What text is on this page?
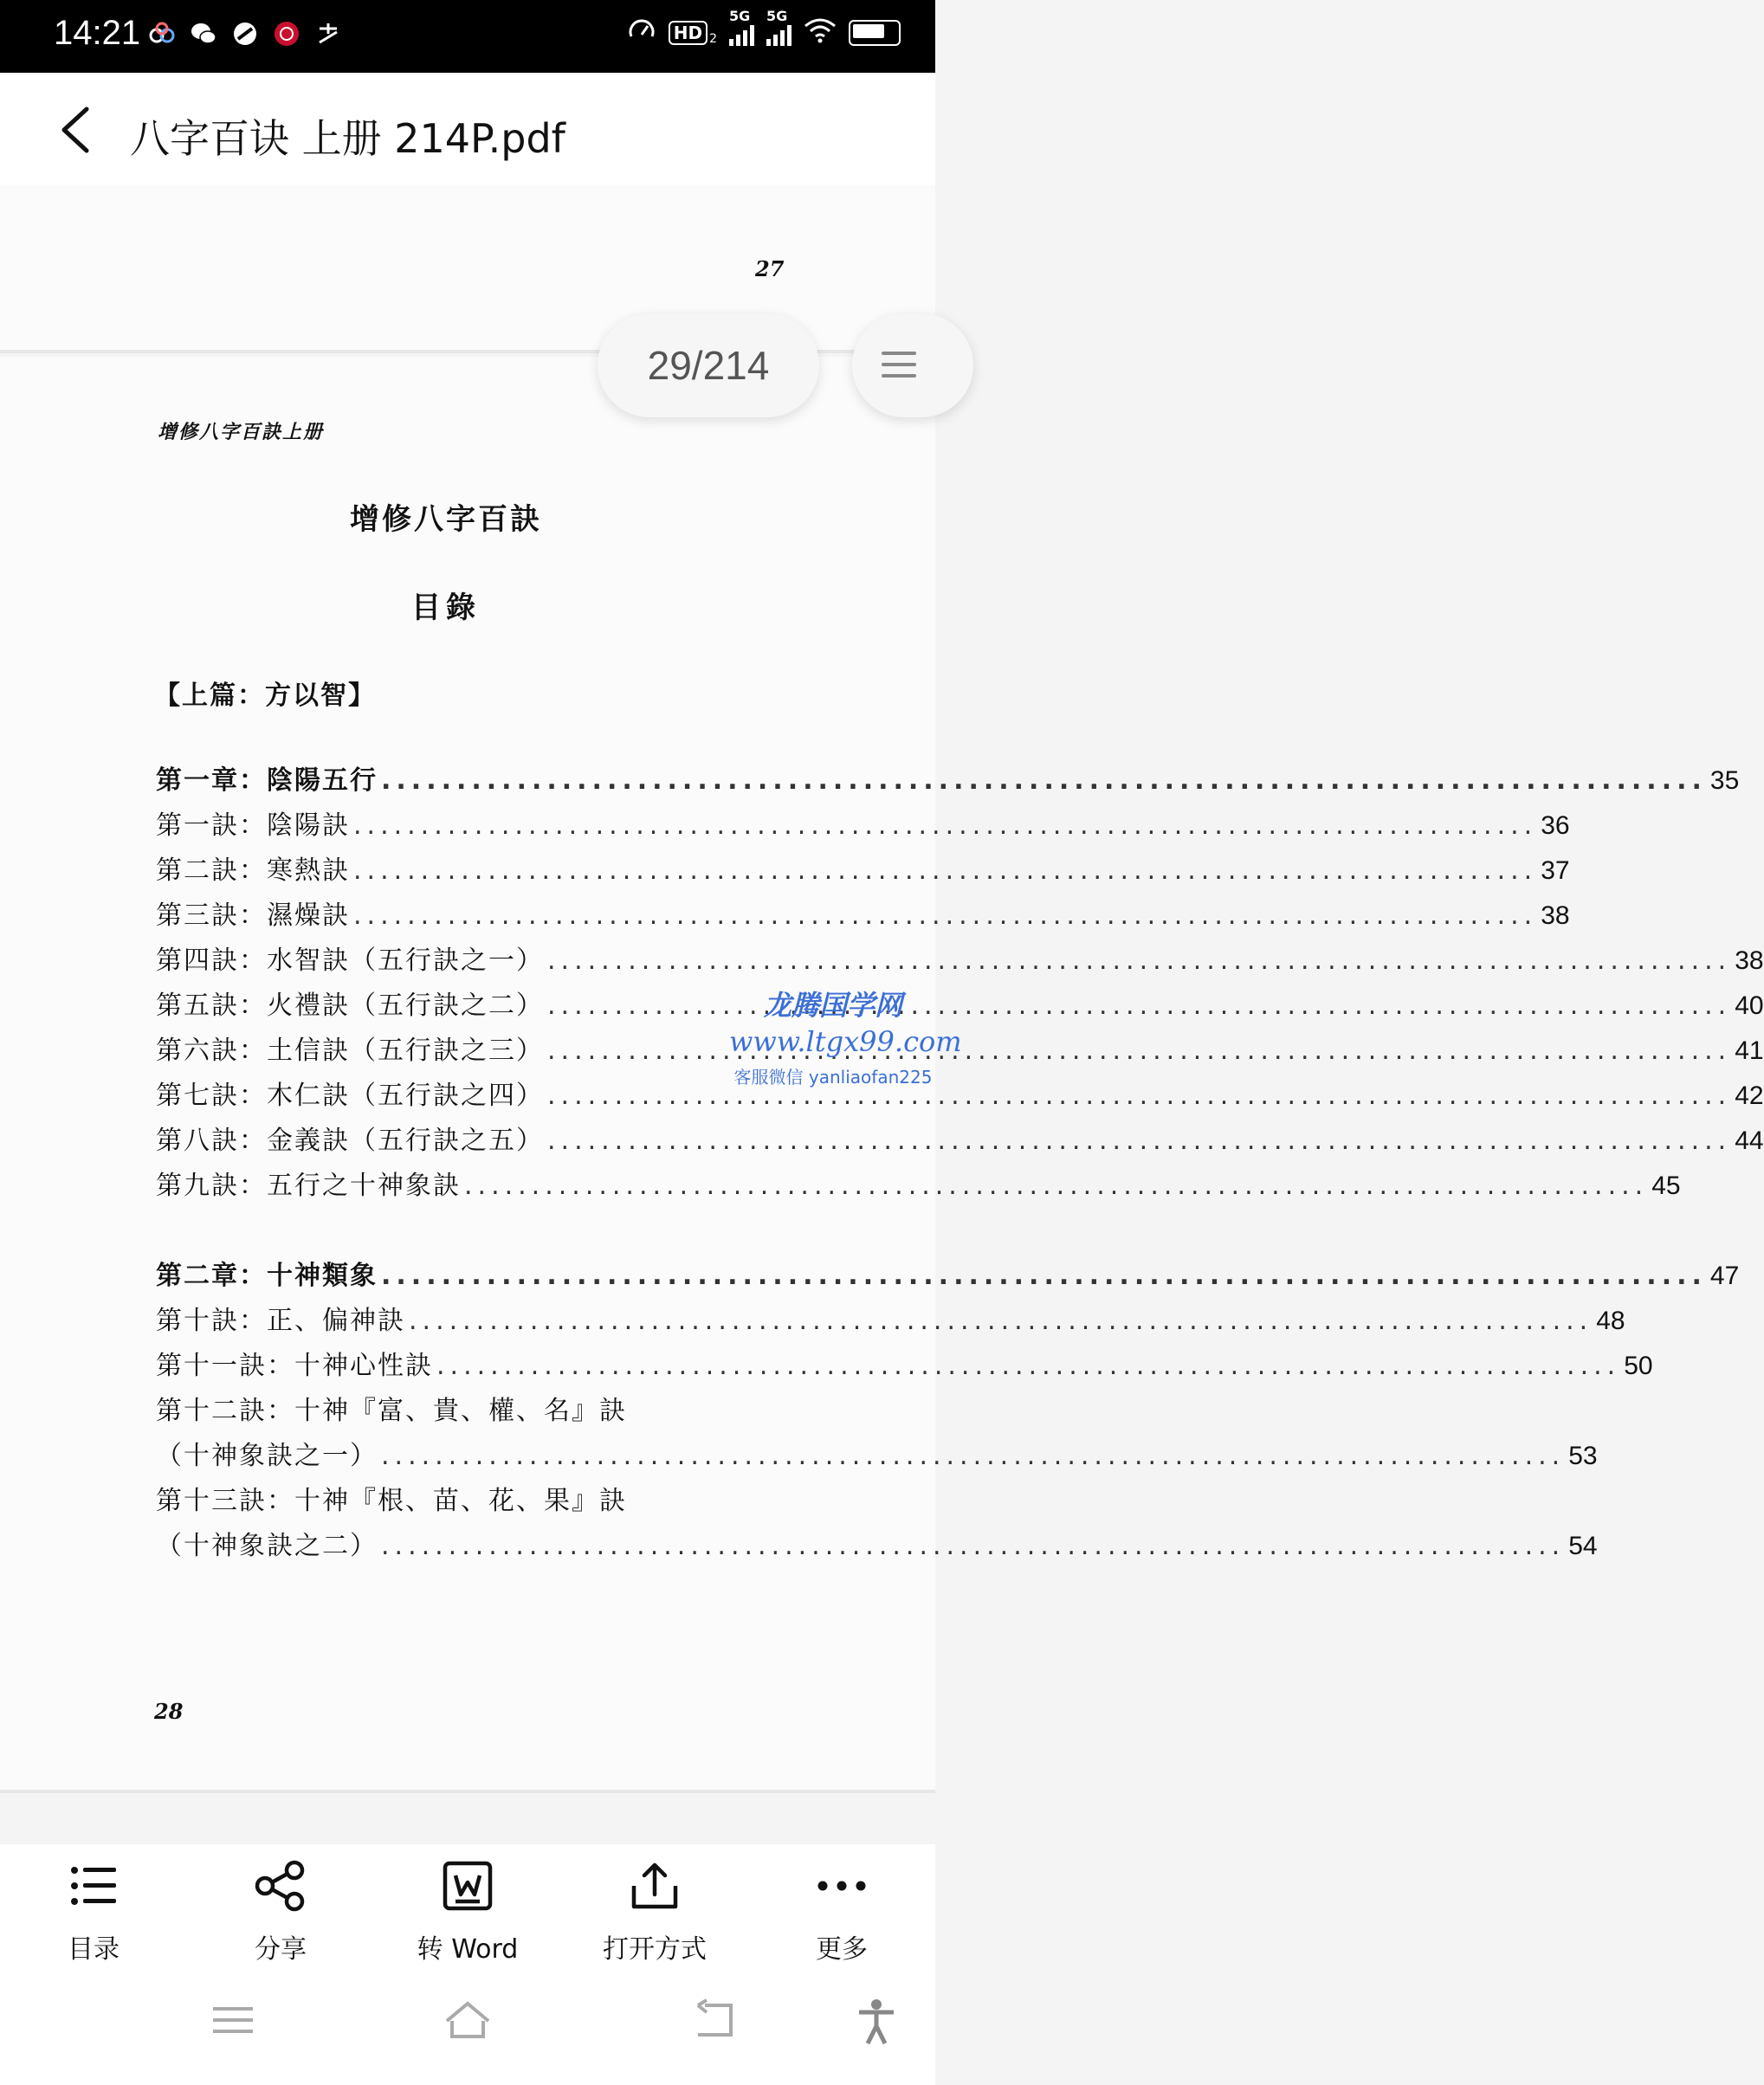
14:21	HD 2
5G 5G
八字百诀 上册 214P.pdf
27
增修八字百訣上册
增修八字百訣
目錄
【上篇：方以智】
第一章：陰陽五行 .....	35
第一訣：陰陽訣 .....	36
第二訣：寒熱訣 .....	37
第三訣：濕燥訣 .....	38
第四訣：水智訣（五行訣之一） .....	38
第五訣：火禮訣（五行訣之二） .....	40
第六訣：土信訣（五行訣之三） .....	41
第七訣：木仁訣（五行訣之四） .....	42
第八訣：金義訣（五行訣之五） .....	44
第九訣：五行之十神象訣 .....	45
第二章：十神類象 .....	47
第十訣：正、偏神訣 .....	48
第十一訣：十神心性訣 .....	50
第十二訣：十神『富、貴、權、名』訣
（十神象訣之一） .....	53
第十三訣：十神『根、苗、花、果』訣
（十神象訣之二） .....	54
28
龙腾国学网
www.ltgx99.com
客服微信 yanliaofan225
29/214
目录	分享	转 Word	打开方式	更多
